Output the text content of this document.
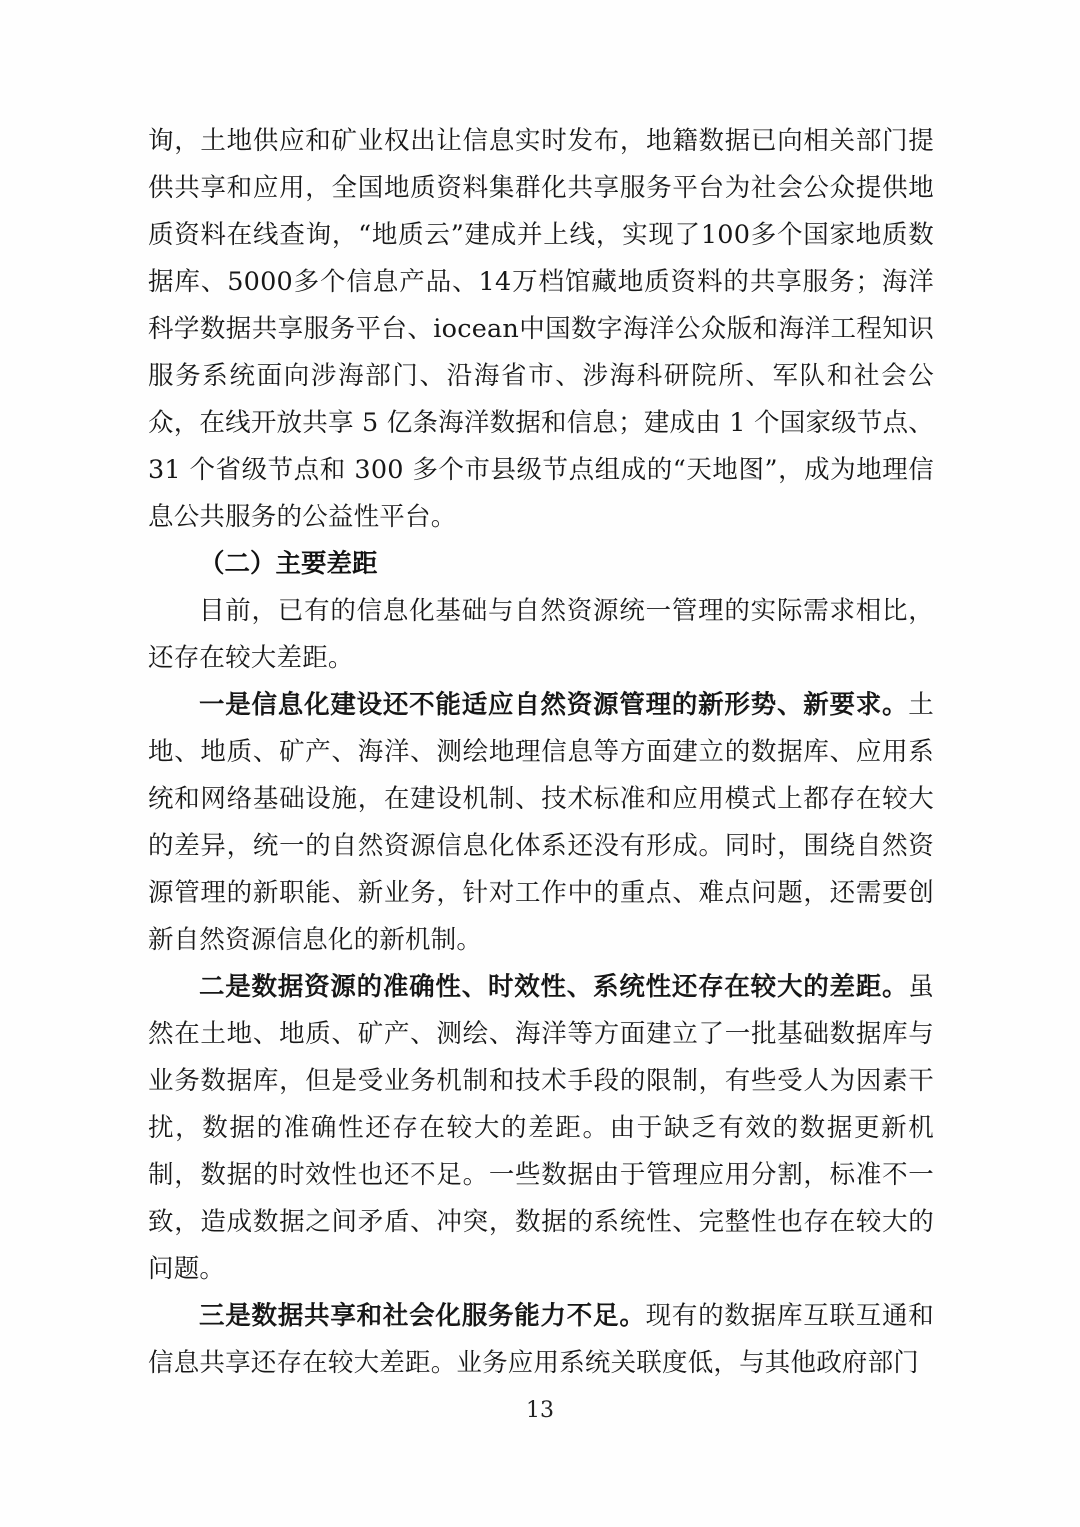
询，土地供应和矿业权出让信息实时发布，地籍数据已向相关部门提供共享和应用，全国地质资料集群化共享服务平台为社会公众提供地质资料在线查询，“地质云”建成并上线，实现了100多个国家地质数据库、5000多个信息产品、14万档馆藏地质资料的共享服务；海洋科学数据共享服务平台、iocean中国数字海洋公众版和海洋工程知识服务系统面向涉海部门、沿海省市、涉海科研院所、军队和社会公众，在线开放共享 5 亿条海洋数据和信息；建成由 1 个国家级节点、31 个省级节点和 300 多个市县级节点组成的“天地图”，成为地理信息公共服务的公益性平台。

（二）主要差距

目前，已有的信息化基础与自然资源统一管理的实际需求相比，还存在较大差距。

一是信息化建设还不能适应自然资源管理的新形势、新要求。土地、地质、矿产、海洋、测绘地理信息等方面建立的数据库、应用系统和网络基础设施，在建设机制、技术标准和应用模式上都存在较大的差异，统一的自然资源信息化体系还没有形成。同时，围绕自然资源管理的新职能、新业务，针对工作中的重点、难点问题，还需要创新自然资源信息化的新机制。

二是数据资源的准确性、时效性、系统性还存在较大的差距。虽然在土地、地质、矿产、测绘、海洋等方面建立了一批基础数据库与业务数据库，但是受业务机制和技术手段的限制，有些受人为因素干扰，数据的准确性还存在较大的差距。由于缺乏有效的数据更新机制，数据的时效性也还不足。一些数据由于管理应用分割，标准不一致，造成数据之间矛盾、冲突，数据的系统性、完整性也存在较大的问题。

三是数据共享和社会化服务能力不足。现有的数据库互联互通和信息共享还存在较大差距。业务应用系统关联度低，与其他政府部门

13
